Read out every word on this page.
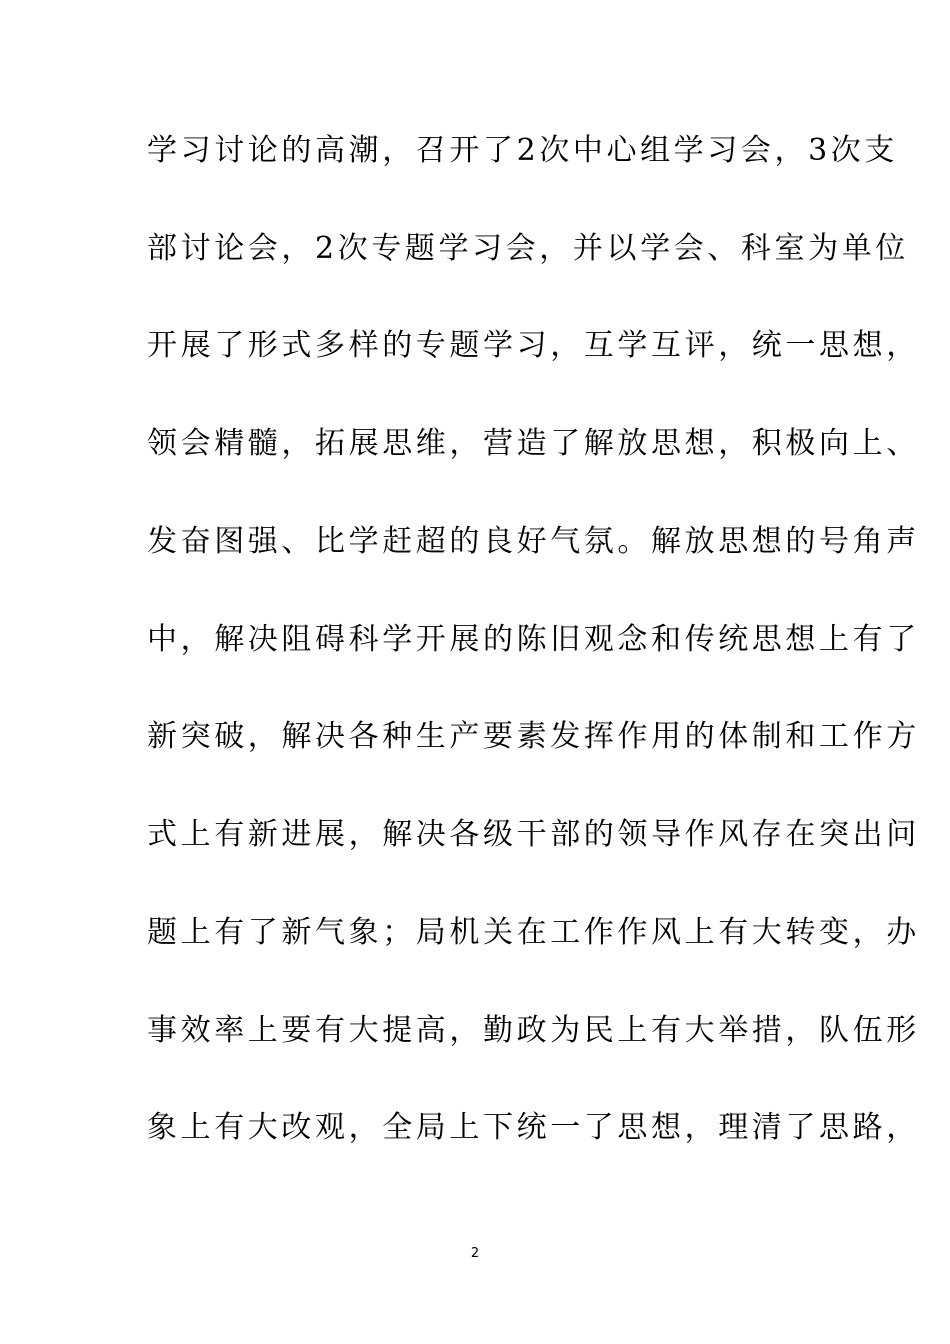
学习讨论的高潮，召开了2次中心组学习会，3次支
部讨论会，2次专题学习会，并以学会、科室为单位
开展了形式多样的专题学习，互学互评，统一思想，
领会精髓，拓展思维，营造了解放思想，积极向上、
发奋图强、比学赶超的良好气氛。解放思想的号角声
中，解决阻碍科学开展的陈旧观念和传统思想上有了
新突破，解决各种生产要素发挥作用的体制和工作方
式上有新进展，解决各级干部的领导作风存在突出问
题上有了新气象；局机关在工作作风上有大转变，办
事效率上要有大提高，勤政为民上有大举措，队伍形
象上有大改观，全局上下统一了思想，理清了思路，
2
